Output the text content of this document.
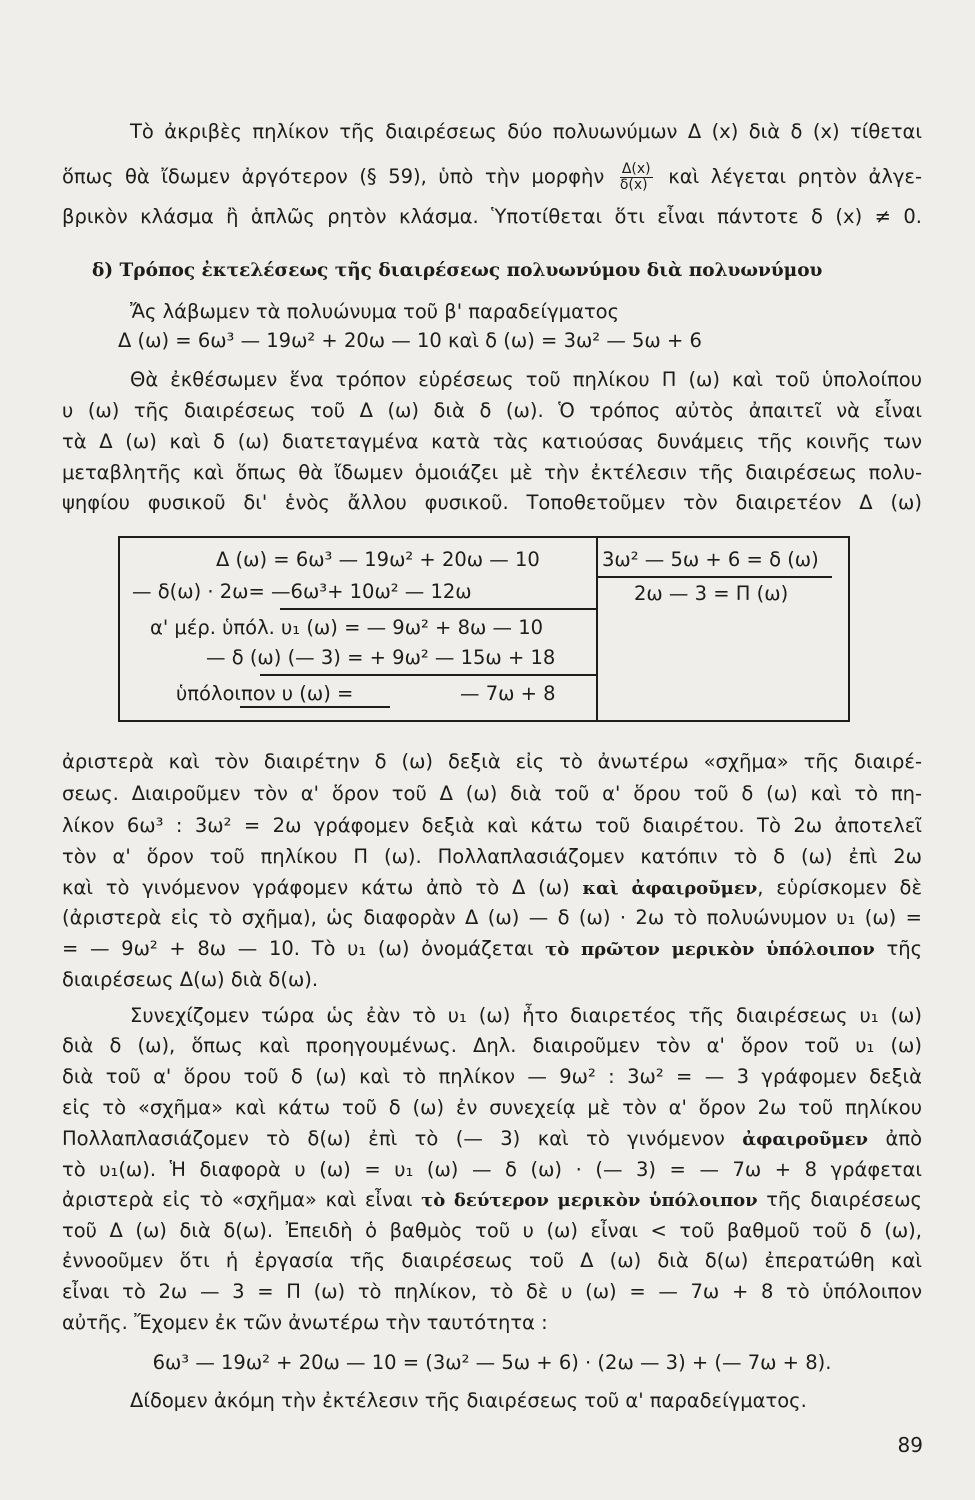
Τὸ ἀκριβὲς πηλίκον τῆς διαιρέσεως δύο πολυωνύμων Δ (x) διὰ δ (x) τίθεται
ὅπως θὰ ἴδωμεν ἀργότερον (§ 59), ὑπὸ τὴν μορφὴν $\frac{\Delta(x)}{\delta(x)}$ καὶ λέγεται ρητὸν ἀλγε-
βρικὸν κλάσμα ἢ ἁπλῶς ρητὸν κλάσμα. Ὑποτίθεται ὅτι εἶναι πάντοτε δ (x) ≠ 0.
δ) Τρόπος ἐκτελέσεως τῆς διαιρέσεως πολυωνύμου διὰ πολυωνύμου
Ἄς λάβωμεν τὰ πολυώνυμα τοῦ β' παραδείγματος
Δ (ω) = 6ω³ — 19ω² + 20ω — 10 καὶ δ (ω) = 3ω² — 5ω + 6
Θὰ ἐκθέσωμεν ἕνα τρόπον εὑρέσεως τοῦ πηλίκου Π (ω) καὶ τοῦ ὑπολοίπου
υ (ω) τῆς διαιρέσεως τοῦ Δ (ω) διὰ δ (ω). Ὁ τρόπος αὐτὸς ἀπαιτεῖ νὰ εἶναι
τὰ Δ (ω) καὶ δ (ω) διατεταγμένα κατὰ τὰς κατιούσας δυνάμεις τῆς κοινῆς των
μεταβλητῆς καὶ ὅπως θὰ ἴδωμεν ὁμοιάζει μὲ τὴν ἐκτέλεσιν τῆς διαιρέσεως πολυ-
ψηφίου φυσικοῦ δι' ἑνὸς ἄλλου φυσικοῦ. Τοποθετοῦμεν τὸν διαιρετέον Δ (ω)
Δ (ω) = 6ω³ — 19ω² + 20ω — 10
— δ(ω) · 2ω= —6ω³+ 10ω² — 12ω
α' μέρ. ὑπόλ. υ₁ (ω) = — 9ω² + 8ω — 10
— δ (ω) (— 3) = + 9ω² — 15ω + 18
ὑπόλοιπον υ (ω) =	— 7ω + 8
3ω² — 5ω + 6 = δ (ω)
2ω — 3 = Π (ω)
ἀριστερὰ καὶ τὸν διαιρέτην δ (ω) δεξιὰ εἰς τὸ ἀνωτέρω «σχῆμα» τῆς διαιρέ-
σεως. Διαιροῦμεν τὸν α' ὅρον τοῦ Δ (ω) διὰ τοῦ α' ὅρου τοῦ δ (ω) καὶ τὸ πη-
λίκον 6ω³ : 3ω² = 2ω γράφομεν δεξιὰ καὶ κάτω τοῦ διαιρέτου. Τὸ 2ω ἀποτελεῖ
τὸν α' ὅρον τοῦ πηλίκου Π (ω). Πολλαπλασιάζομεν κατόπιν τὸ δ (ω) ἐπὶ 2ω
καὶ τὸ γινόμενον γράφομεν κάτω ἀπὸ τὸ Δ (ω) καὶ ἀφαιροῦμεν, εὑρίσκομεν δὲ
(ἀριστερὰ εἰς τὸ σχῆμα), ὡς διαφορὰν Δ (ω) — δ (ω) · 2ω τὸ πολυώνυμον υ₁ (ω) =
= — 9ω² + 8ω — 10. Τὸ υ₁ (ω) ὀνομάζεται τὸ πρῶτον μερικὸν ὑπόλοιπον τῆς
διαιρέσεως Δ(ω) διὰ δ(ω).
Συνεχίζομεν τώρα ὡς ἐὰν τὸ υ₁ (ω) ἦτο διαιρετέος τῆς διαιρέσεως υ₁ (ω)
διὰ δ (ω), ὅπως καὶ προηγουμένως. Δηλ. διαιροῦμεν τὸν α' ὅρον τοῦ υ₁ (ω)
διὰ τοῦ α' ὅρου τοῦ δ (ω) καὶ τὸ πηλίκον — 9ω² : 3ω² = — 3 γράφομεν δεξιὰ
εἰς τὸ «σχῆμα» καὶ κάτω τοῦ δ (ω) ἐν συνεχείᾳ μὲ τὸν α' ὅρον 2ω τοῦ πηλίκου
Πολλαπλασιάζομεν τὸ δ(ω) ἐπὶ τὸ (— 3) καὶ τὸ γινόμενον ἀφαιροῦμεν ἀπὸ
τὸ υ₁(ω). Ἡ διαφορὰ υ (ω) = υ₁ (ω) — δ (ω) · (— 3) = — 7ω + 8 γράφεται
ἀριστερὰ εἰς τὸ «σχῆμα» καὶ εἶναι τὸ δεύτερον μερικὸν ὑπόλοιπον τῆς διαιρέσεως
τοῦ Δ (ω) διὰ δ(ω). Ἐπειδὴ ὁ βαθμὸς τοῦ υ (ω) εἶναι < τοῦ βαθμοῦ τοῦ δ (ω),
ἐννοοῦμεν ὅτι ἡ ἐργασία τῆς διαιρέσεως τοῦ Δ (ω) διὰ δ(ω) ἐπερατώθη καὶ
εἶναι τὸ 2ω — 3 = Π (ω) τὸ πηλίκον, τὸ δὲ υ (ω) = — 7ω + 8 τὸ ὑπόλοιπον
αὐτῆς. Ἔχομεν ἐκ τῶν ἀνωτέρω τὴν ταυτότητα :
6ω³ — 19ω² + 20ω — 10 = (3ω² — 5ω + 6) · (2ω — 3) + (— 7ω + 8).
Δίδομεν ἀκόμη τὴν ἐκτέλεσιν τῆς διαιρέσεως τοῦ α' παραδείγματος.
89
